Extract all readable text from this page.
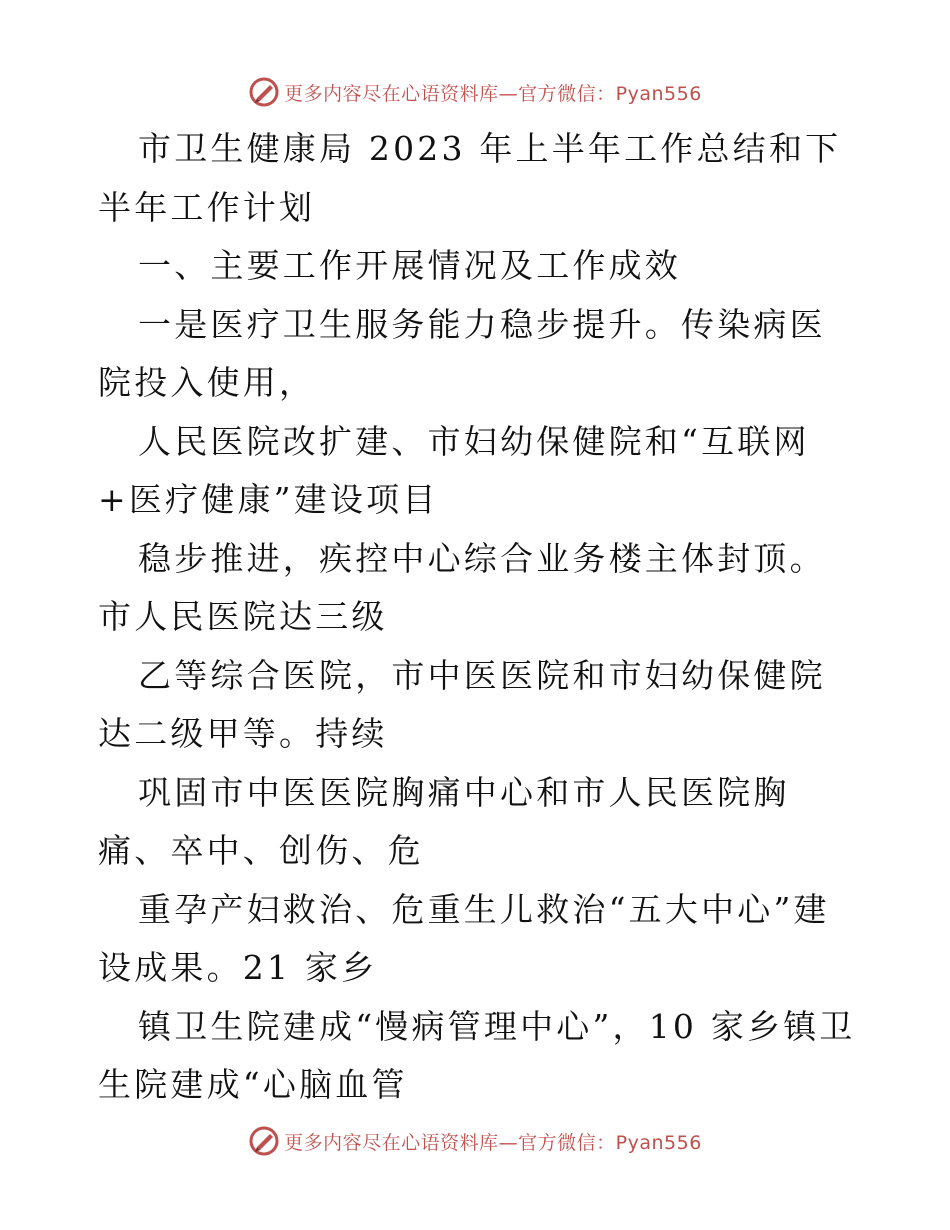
更多内容尽在心语资料库—官方微信：Pyan556

市卫生健康局 2023 年上半年工作总结和下半年工作计划

一、主要工作开展情况及工作成效

一是医疗卫生服务能力稳步提升。传染病医院投入使用，

人民医院改扩建、市妇幼保健院和“互联网+医疗健康”建设项目

稳步推进，疾控中心综合业务楼主体封顶。市人民医院达三级

乙等综合医院，市中医医院和市妇幼保健院达二级甲等。持续

巩固市中医医院胸痛中心和市人民医院胸痛、卒中、创伤、危

重孕产妇救治、危重生儿救治“五大中心”建设成果。21 家乡

镇卫生院建成“慢病管理中心”，10 家乡镇卫生院建成“心脑血管

更多内容尽在心语资料库—官方微信：Pyan556
